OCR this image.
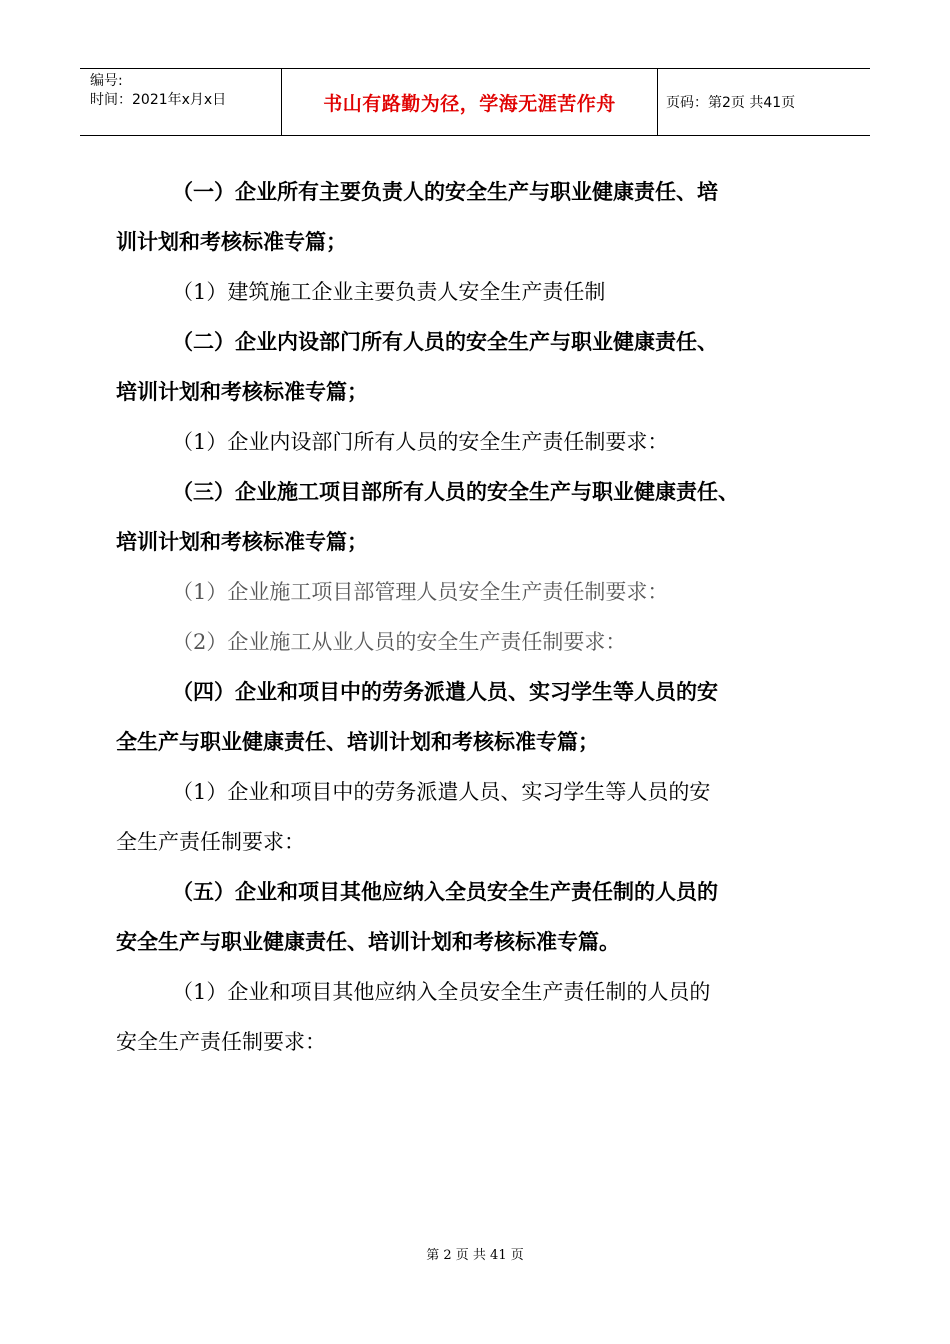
编号:
时间：2021年x月x日	书山有路勤为径，学海无涯苦作舟	页码：第2页 共41页
（一）企业所有主要负责人的安全生产与职业健康责任、培
训计划和考核标准专篇；
（1）建筑施工企业主要负责人安全生产责任制
（二）企业内设部门所有人员的安全生产与职业健康责任、
培训计划和考核标准专篇；
（1）企业内设部门所有人员的安全生产责任制要求：
（三）企业施工项目部所有人员的安全生产与职业健康责任、
培训计划和考核标准专篇；
（1）企业施工项目部管理人员安全生产责任制要求：
（2）企业施工从业人员的安全生产责任制要求：
（四）企业和项目中的劳务派遣人员、实习学生等人员的安
全生产与职业健康责任、培训计划和考核标准专篇；
（1）企业和项目中的劳务派遣人员、实习学生等人员的安
全生产责任制要求：
（五）企业和项目其他应纳入全员安全生产责任制的人员的
安全生产与职业健康责任、培训计划和考核标准专篇。
（1）企业和项目其他应纳入全员安全生产责任制的人员的
安全生产责任制要求：
第 2 页 共 41 页
